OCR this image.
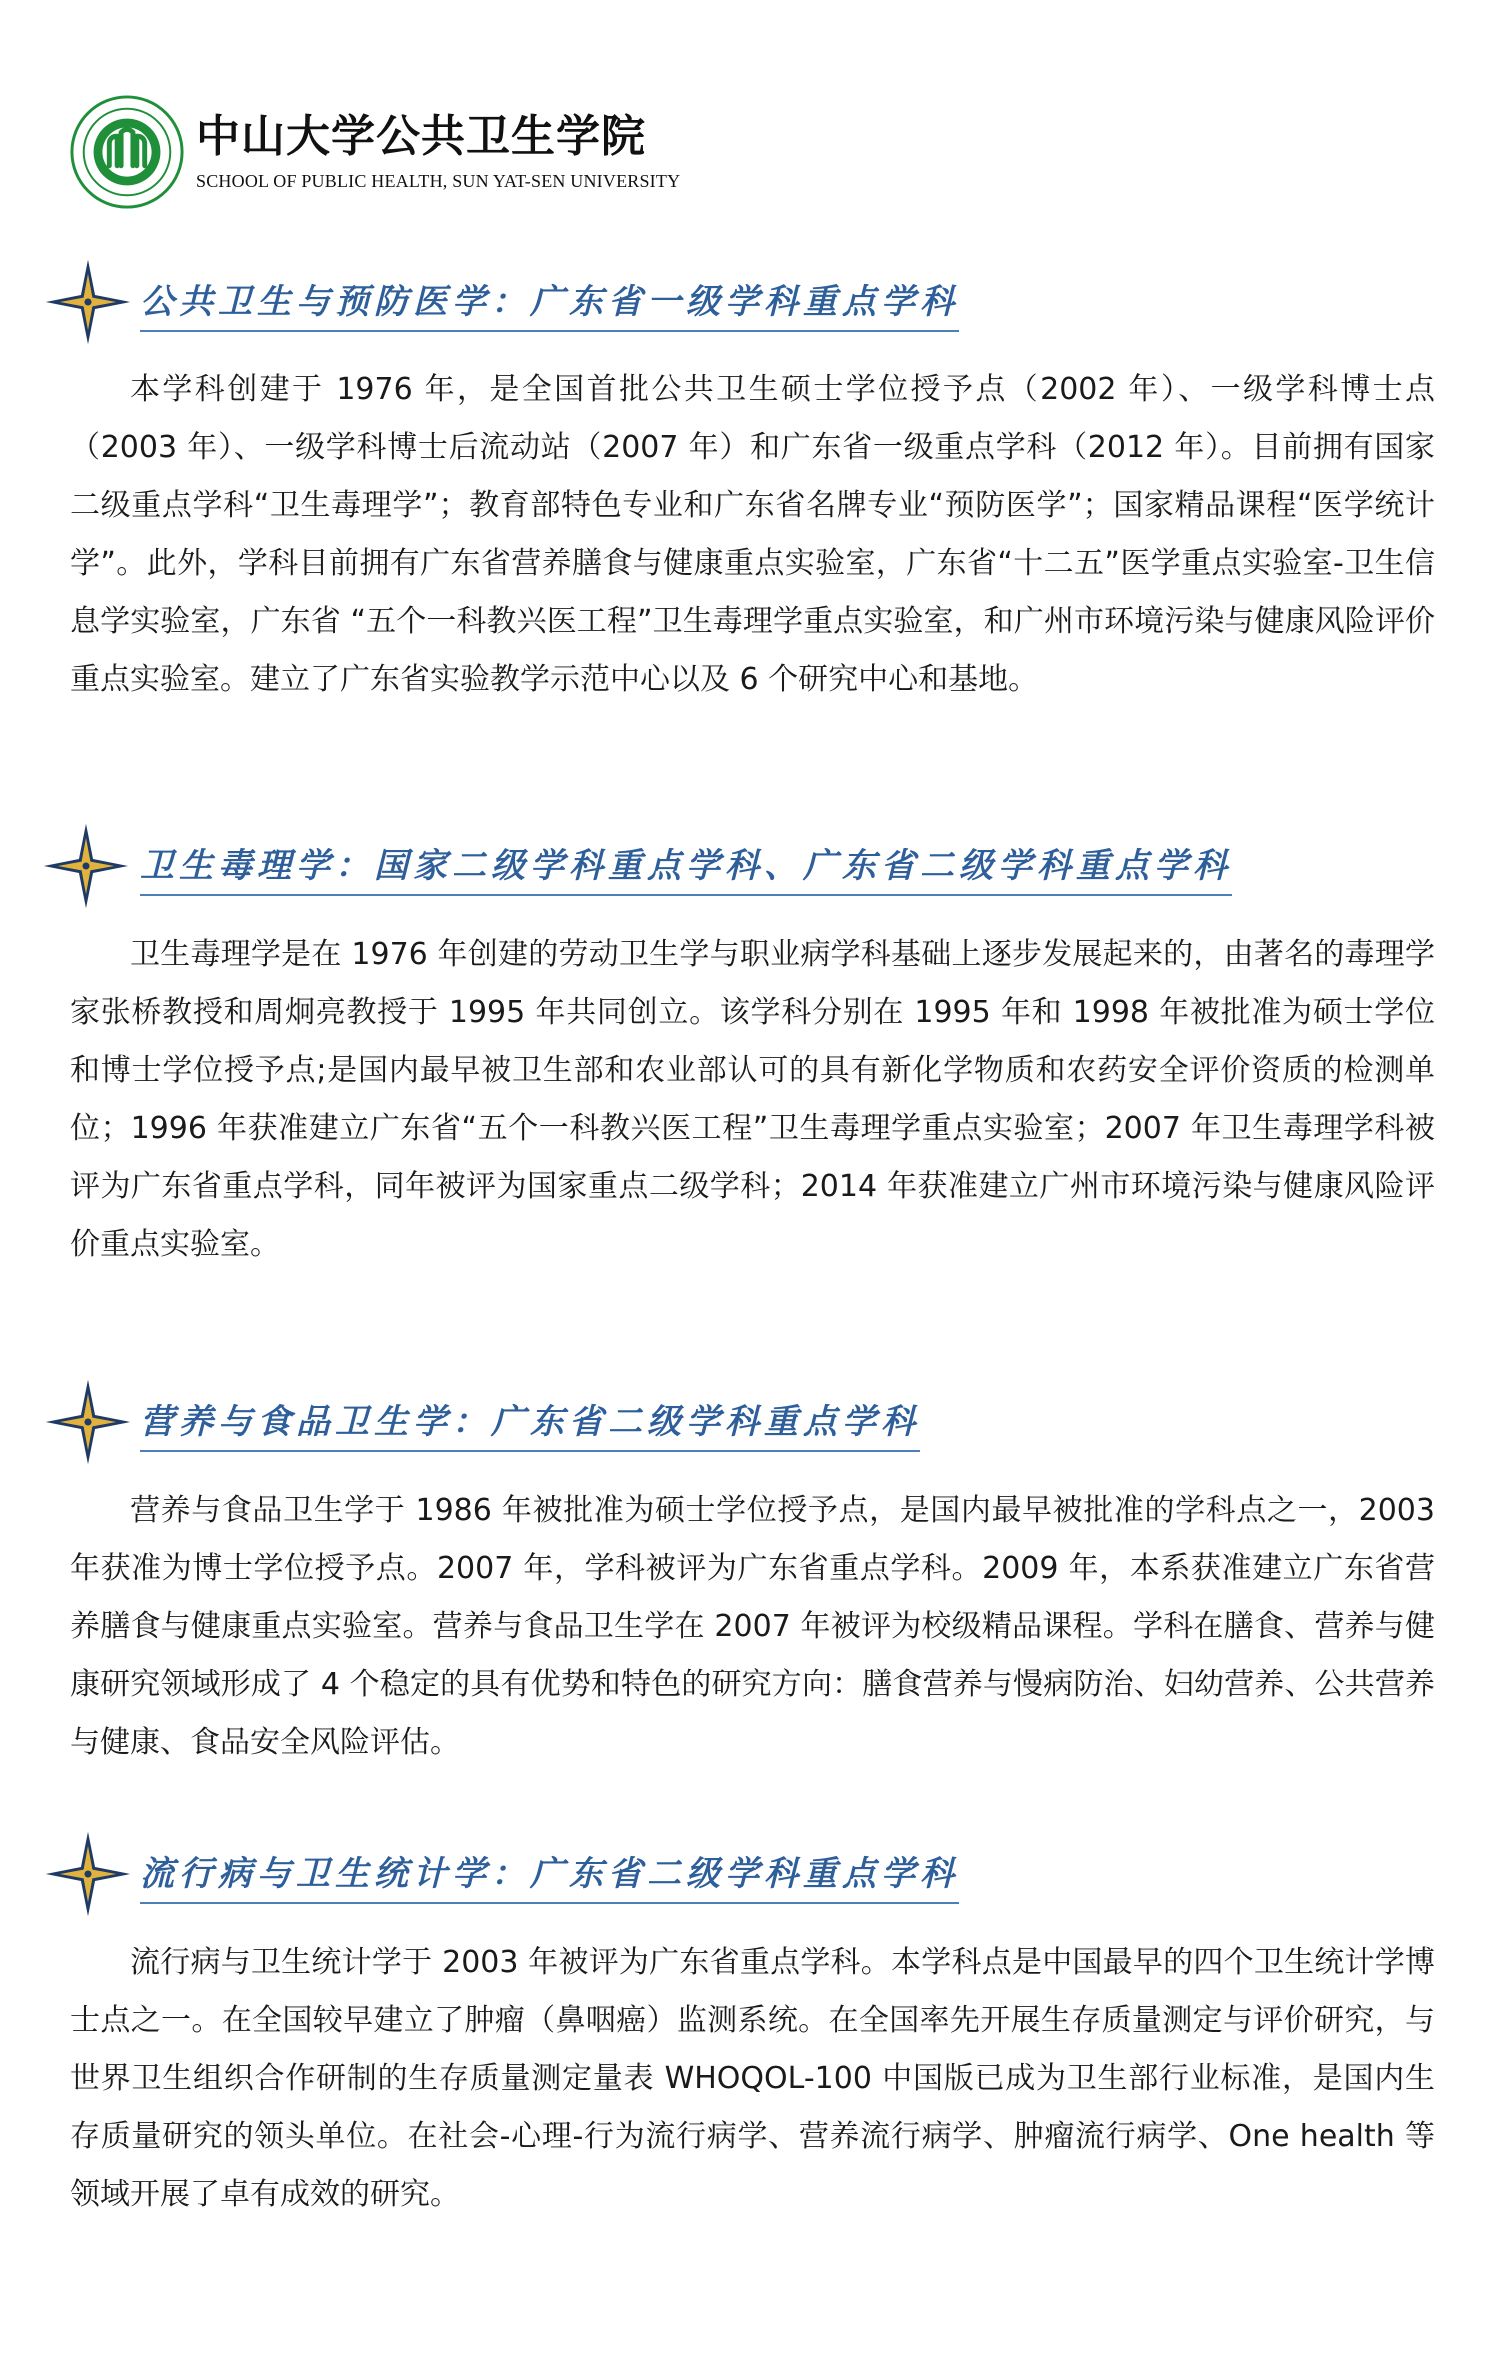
中山大学公共卫生学院
SCHOOL OF PUBLIC HEALTH, SUN YAT-SEN UNIVERSITY
公共卫生与预防医学：广东省一级学科重点学科

本学科创建于 1976 年，是全国首批公共卫生硕士学位授予点（2002 年）、一级学科博士点（2003 年）、一级学科博士后流动站（2007 年）和广东省一级重点学科（2012 年）。目前拥有国家二级重点学科“卫生毒理学”；教育部特色专业和广东省名牌专业“预防医学”；国家精品课程“医学统计学”。此外，学科目前拥有广东省营养膳食与健康重点实验室，广东省“十二五”医学重点实验室-卫生信息学实验室，广东省 “五个一科教兴医工程”卫生毒理学重点实验室，和广州市环境污染与健康风险评价重点实验室。建立了广东省实验教学示范中心以及 6 个研究中心和基地。

卫生毒理学：国家二级学科重点学科、广东省二级学科重点学科

卫生毒理学是在 1976 年创建的劳动卫生学与职业病学科基础上逐步发展起来的，由著名的毒理学家张桥教授和周炯亮教授于 1995 年共同创立。该学科分别在 1995 年和 1998 年被批准为硕士学位和博士学位授予点;是国内最早被卫生部和农业部认可的具有新化学物质和农药安全评价资质的检测单位；1996 年获准建立广东省“五个一科教兴医工程”卫生毒理学重点实验室；2007 年卫生毒理学科被评为广东省重点学科，同年被评为国家重点二级学科；2014 年获准建立广州市环境污染与健康风险评价重点实验室。

营养与食品卫生学：广东省二级学科重点学科

营养与食品卫生学于 1986 年被批准为硕士学位授予点，是国内最早被批准的学科点之一，2003 年获准为博士学位授予点。2007 年，学科被评为广东省重点学科。2009 年，本系获准建立广东省营养膳食与健康重点实验室。营养与食品卫生学在 2007 年被评为校级精品课程。学科在膳食、营养与健康研究领域形成了 4 个稳定的具有优势和特色的研究方向：膳食营养与慢病防治、妇幼营养、公共营养与健康、食品安全风险评估。

流行病与卫生统计学：广东省二级学科重点学科

流行病与卫生统计学于 2003 年被评为广东省重点学科。本学科点是中国最早的四个卫生统计学博士点之一。在全国较早建立了肿瘤（鼻咽癌）监测系统。在全国率先开展生存质量测定与评价研究，与世界卫生组织合作研制的生存质量测定量表 WHOQOL-100 中国版已成为卫生部行业标准，是国内生存质量研究的领头单位。在社会-心理-行为流行病学、营养流行病学、肿瘤流行病学、One health 等领域开展了卓有成效的研究。
